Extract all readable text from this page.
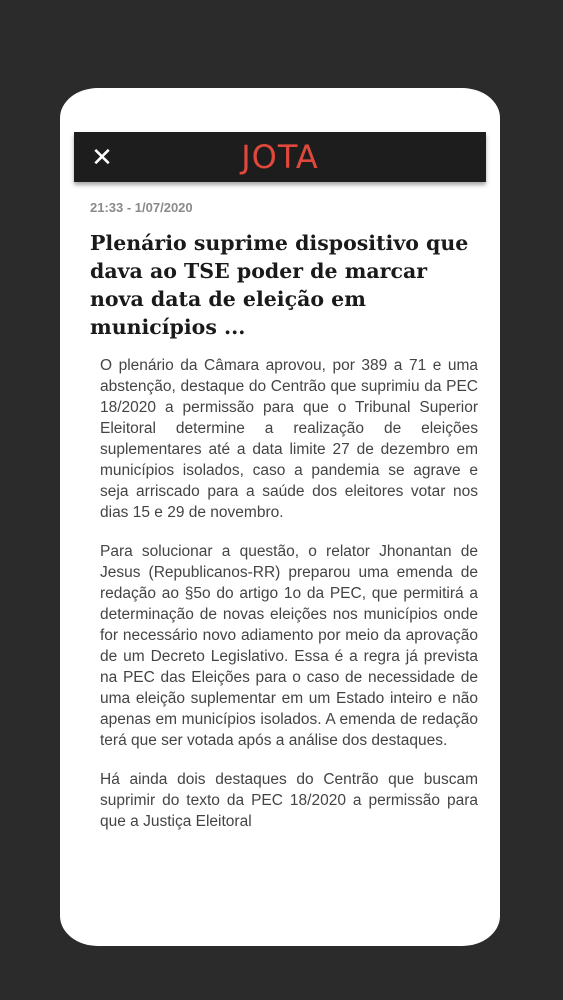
✕	JOTA
21:33 - 1/07/2020
Plenário suprime dispositivo que dava ao TSE poder de marcar nova data de eleição em municípios ...

O plenário da Câmara aprovou, por 389 a 71 e uma abstenção, destaque do Centrão que suprimiu da PEC 18/2020 a permissão para que o Tribunal Superior Eleitoral determine a realização de eleições suplementares até a data limite 27 de dezembro em municípios isolados, caso a pandemia se agrave e seja arriscado para a saúde dos eleitores votar nos dias 15 e 29 de novembro.

Para solucionar a questão, o relator Jhonantan de Jesus (Republicanos-RR) preparou uma emenda de redação ao §5o do artigo 1o da PEC, que permitirá a determinação de novas eleições nos municípios onde for necessário novo adiamento por meio da aprovação de um Decreto Legislativo. Essa é a regra já prevista na PEC das Eleições para o caso de necessidade de uma eleição suplementar em um Estado inteiro e não apenas em municípios isolados. A emenda de redação terá que ser votada após a análise dos destaques.

Há ainda dois destaques do Centrão que buscam suprimir do texto da PEC 18/2020 a permissão para que a Justiça Eleitoral
